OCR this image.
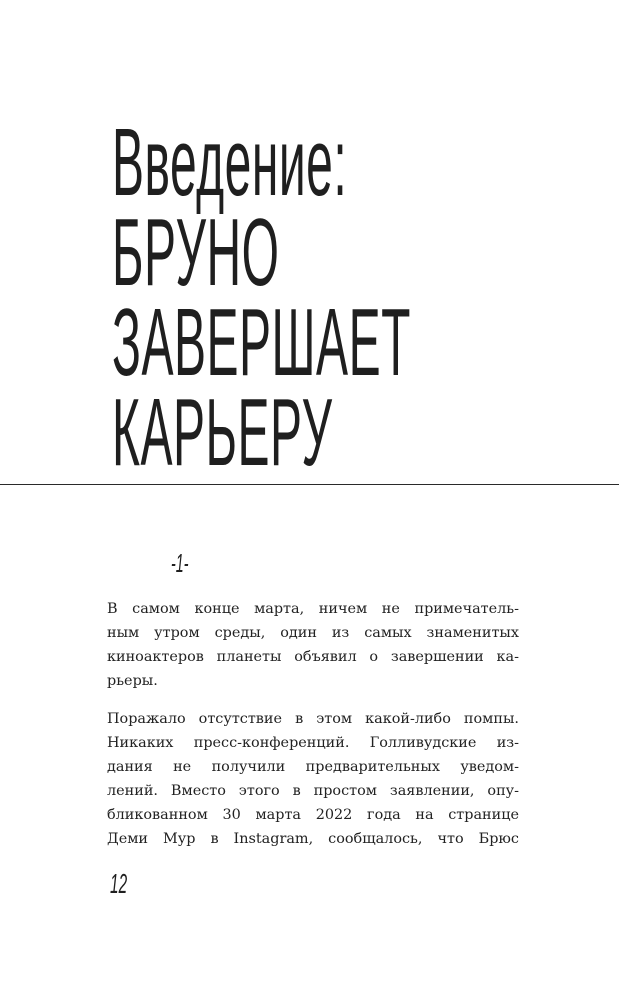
Введение:
БРУНО
ЗАВЕРШАЕТ
КАРЬЕРУ
-1-

В самом конце марта, ничем не примечатель-
ным утром среды, один из самых знаменитых
киноактеров планеты объявил о завершении ка-
рьеры.

Поражало отсутствие в этом какой-либо помпы.
Никаких пресс-конференций. Голливудские из-
дания не получили предварительных уведом-
лений. Вместо этого в простом заявлении, опу-
бликованном 30 марта 2022 года на странице
Деми Мур в Instagram, сообщалось, что Брюс

12
